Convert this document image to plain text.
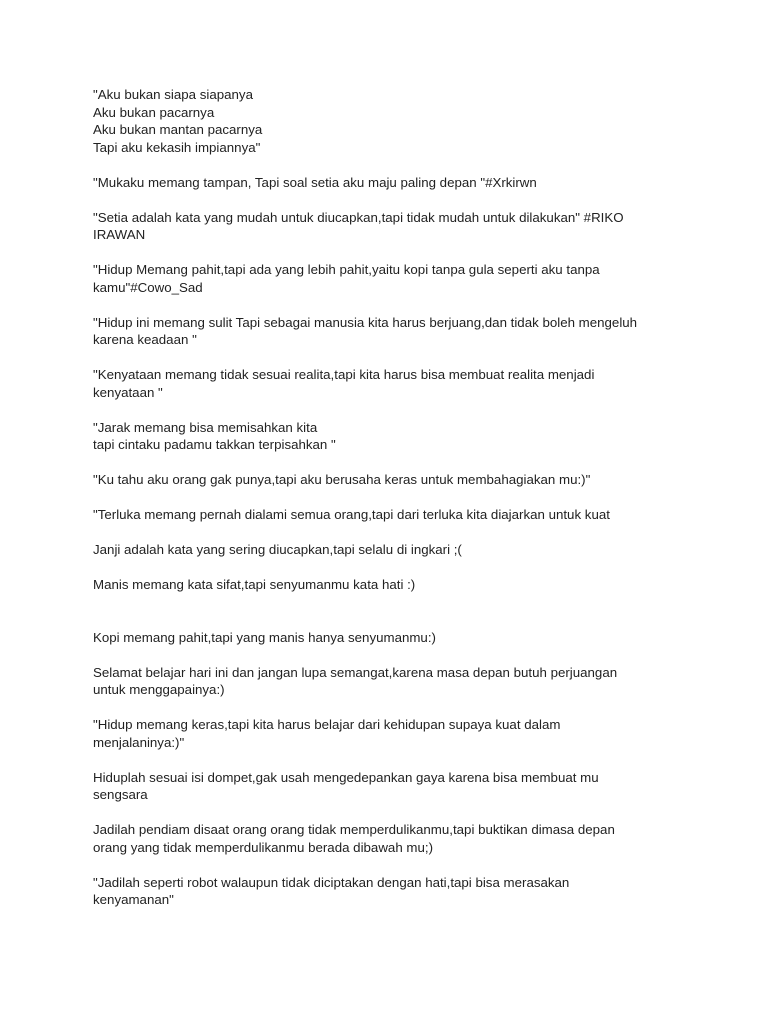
"Aku bukan siapa siapanya
Aku bukan pacarnya
Aku bukan mantan pacarnya
Tapi aku kekasih impiannya"

"Mukaku memang tampan, Tapi soal setia aku maju paling depan "#Xrkirwn

"Setia adalah kata yang mudah untuk diucapkan,tapi tidak mudah untuk dilakukan" #RIKO
IRAWAN

"Hidup Memang pahit,tapi ada yang lebih pahit,yaitu kopi tanpa gula seperti aku tanpa
kamu"#Cowo_Sad

"Hidup ini memang sulit Tapi sebagai manusia kita harus berjuang,dan tidak boleh mengeluh
karena keadaan "

"Kenyataan memang tidak sesuai realita,tapi kita harus bisa membuat realita menjadi
kenyataan "

"Jarak memang bisa memisahkan kita
tapi cintaku padamu takkan terpisahkan "

"Ku tahu aku orang gak punya,tapi aku berusaha keras untuk membahagiakan mu:)"

"Terluka memang pernah dialami semua orang,tapi dari terluka kita diajarkan untuk kuat

Janji adalah kata yang sering diucapkan,tapi selalu di ingkari ;(

Manis memang kata sifat,tapi senyumanmu kata hati :)

Kopi memang pahit,tapi yang manis hanya senyumanmu:)

Selamat belajar hari ini dan jangan lupa semangat,karena masa depan butuh perjuangan
untuk menggapainya:)

"Hidup memang keras,tapi kita harus belajar dari kehidupan supaya kuat dalam
menjalaninya:)"

Hiduplah sesuai isi dompet,gak usah mengedepankan gaya karena bisa membuat mu
sengsara

Jadilah pendiam disaat orang orang tidak memperdulikanmu,tapi buktikan dimasa depan
orang yang tidak memperdulikanmu berada dibawah mu;)

"Jadilah seperti robot walaupun tidak diciptakan dengan hati,tapi bisa merasakan
kenyamanan"
